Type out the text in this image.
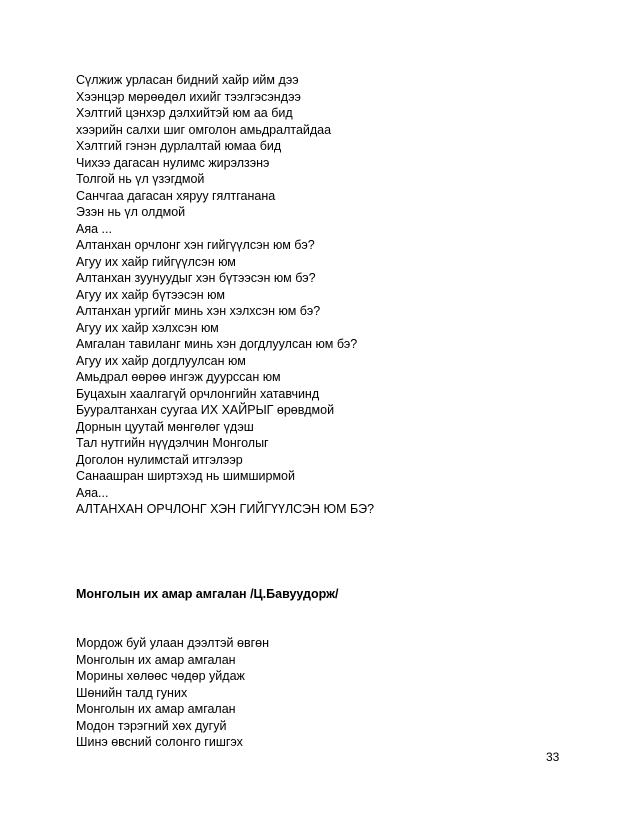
Сүлжиж урласан бидний хайр ийм дээ
Хээнцэр мөрөөдөл ихийг тээлгэсэндээ
Хэлтгий цэнхэр дэлхийтэй юм аа бид
хээрийн салхи шиг омголон амьдралтайдаа
Хэлтгий гэнэн дурлалтай юмаа бид
Чихээ дагасан нулимс жирэлзэнэ
Толгой нь үл үзэгдмой
Санчгаа дагасан хяруу гялтганана
Эзэн нь үл олдмой
Аяа ...
Алтанхан орчлонг хэн гийгүүлсэн юм бэ?
Агуу их хайр гийгүүлсэн юм
Алтанхан зуунуудыг хэн бүтээсэн юм бэ?
Агуу их хайр бүтээсэн юм
Алтанхан ургийг минь хэн хэлхсэн юм бэ?
Агуу их хайр хэлхсэн юм
Амгалан тавиланг минь хэн догдлуулсан юм бэ?
Агуу их хайр догдлуулсан юм
Амьдрал өөрөө ингэж дуурссан юм
Буцахын хаалгагүй орчлонгийн хатавчинд
Бууралтанхан суугаа ИХ ХАЙРЫГ өрөвдмой
Дорнын цуутай мөнгөлөг үдэш
Тал нутгийн нүүдэлчин Монголыг
Доголон нулимстай итгэлээр
Санаашран ширтэхэд нь шимширмой
Аяа...
АЛТАНХАН ОРЧЛОНГ ХЭН ГИЙГҮҮЛСЭН ЮМ БЭ?
Монголын их амар амгалан /Ц.Бавуудорж/
Мордож буй улаан дээлтэй өвгөн
Монголын их амар амгалан
Морины хөлөөс чөдөр уйдаж
Шөнийн талд гуних
Монголын их амар амгалан
Модон тэрэгний хөх дугуй
Шинэ өвсний солонго гишгэх
33
